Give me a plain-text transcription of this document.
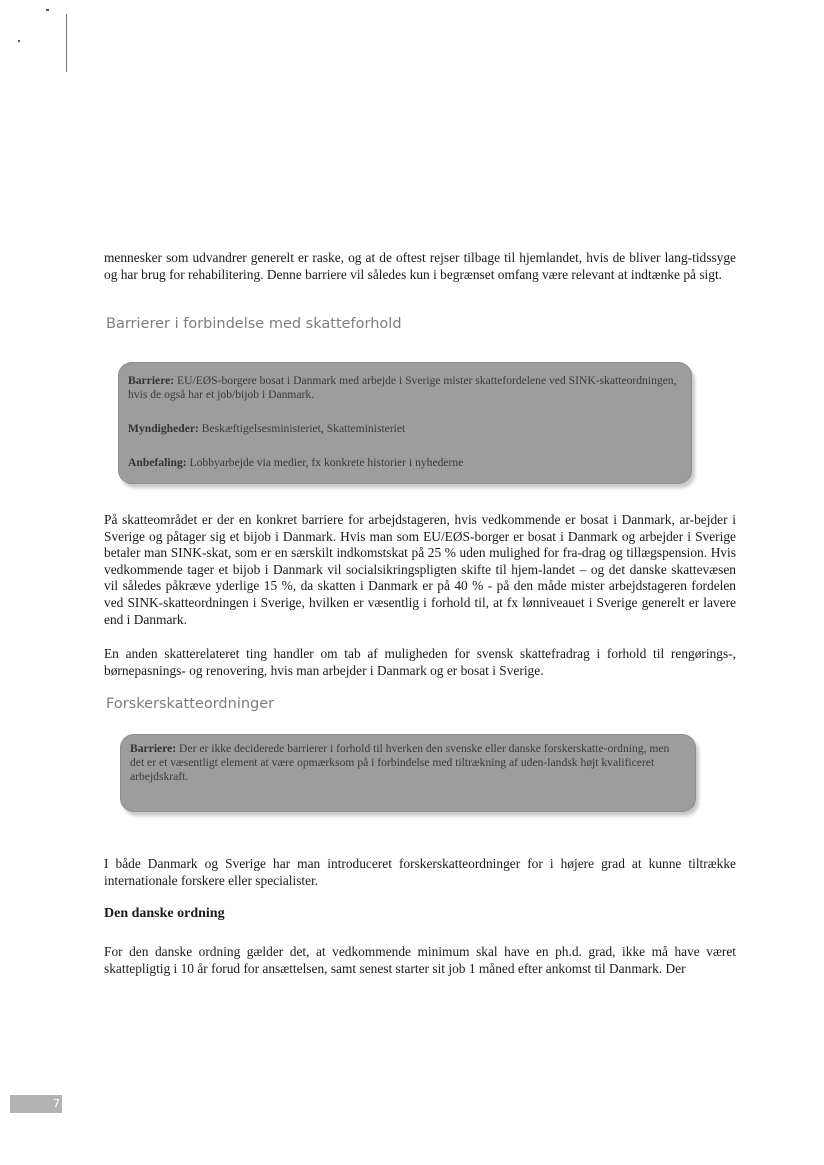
mennesker som udvandrer generelt er raske, og at de oftest rejser tilbage til hjemlandet, hvis de bliver lang-tidssyge og har brug for rehabilitering. Denne barriere vil således kun i begrænset omfang være relevant at indtænke på sigt.

Barrierer i forbindelse med skatteforhold
Barriere: EU/EØS-borgere bosat i Danmark med arbejde i Sverige mister skattefordelene ved SINK-skatteordningen, hvis de også har et job/bijob i Danmark.
Myndigheder: Beskæftigelsesministeriet, Skatteministeriet
Anbefaling: Lobbyarbejde via medier, fx konkrete historier i nyhederne

På skatteområdet er der en konkret barriere for arbejdstageren, hvis vedkommende er bosat i Danmark, ar-bejder i Sverige og påtager sig et bijob i Danmark. Hvis man som EU/EØS-borger er bosat i Danmark og arbejder i Sverige betaler man SINK-skat, som er en særskilt indkomstskat på 25 % uden mulighed for fra-drag og tillægspension. Hvis vedkommende tager et bijob i Danmark vil socialsikringspligten skifte til hjem-landet – og det danske skattevæsen vil således påkræve yderlige 15 %, da skatten i Danmark er på 40 % - på den måde mister arbejdstageren fordelen ved SINK-skatteordningen i Sverige, hvilken er væsentlig i forhold til, at fx lønniveauet i Sverige generelt er lavere end i Danmark.

En anden skatterelateret ting handler om tab af muligheden for svensk skattefradrag i forhold til rengørings-, børnepasnings- og renovering, hvis man arbejder i Danmark og er bosat i Sverige.

Forskerskatteordninger
Barriere: Der er ikke deciderede barrierer i forhold til hverken den svenske eller danske forskerskatte-ordning, men det er et væsentligt element at være opmærksom på i forbindelse med tiltrækning af uden-landsk højt kvalificeret arbejdskraft.

I både Danmark og Sverige har man introduceret forskerskatteordninger for i højere grad at kunne tiltrække internationale forskere eller specialister.

Den danske ordning

For den danske ordning gælder det, at vedkommende minimum skal have en ph.d. grad, ikke må have været skattepligtig i 10 år forud for ansættelsen, samt senest starter sit job 1 måned efter ankomst til Danmark. Der

7
